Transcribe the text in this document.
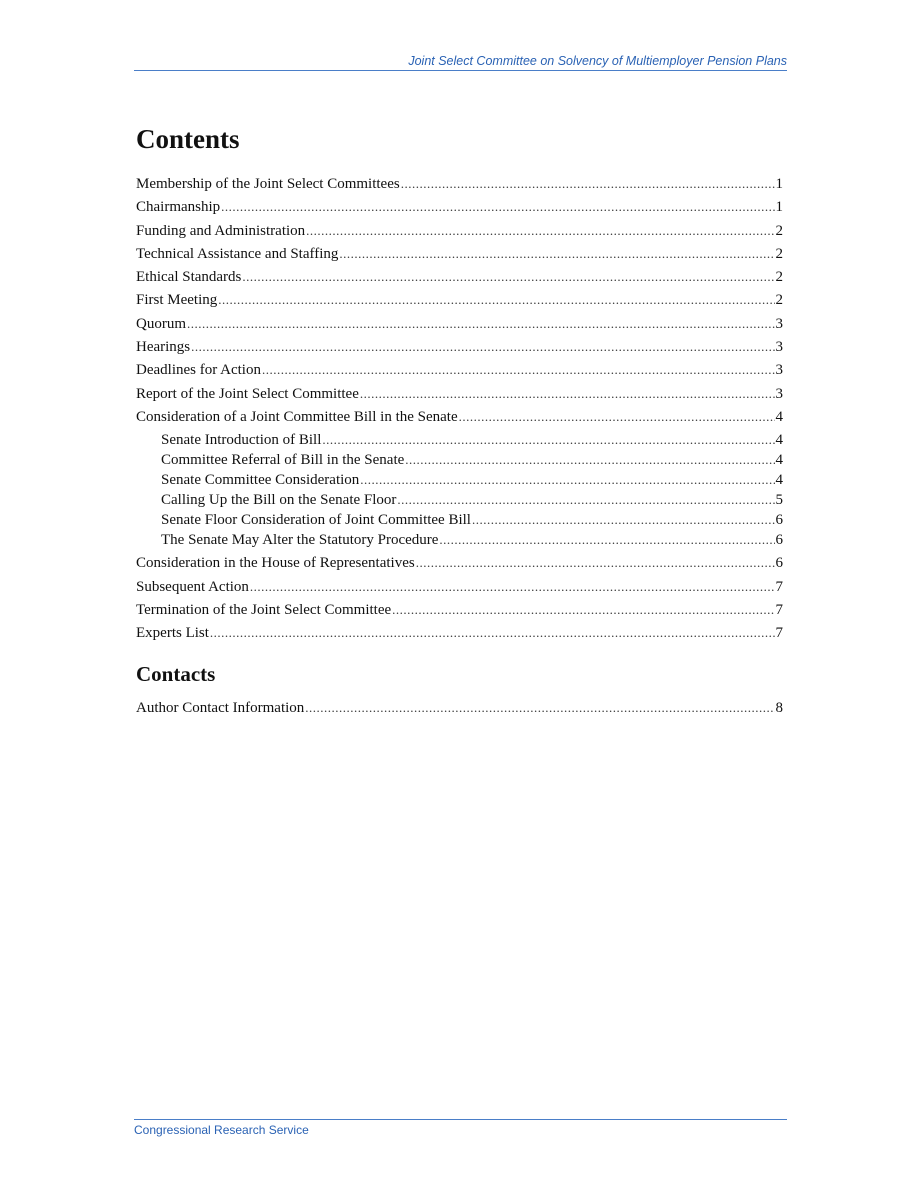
Joint Select Committee on Solvency of Multiemployer Pension Plans
Contents
Membership of the Joint Select Committees .....	1
Chairmanship .....	1
Funding and Administration .....	2
Technical Assistance and Staffing .....	2
Ethical Standards .....	2
First Meeting .....	2
Quorum .....	3
Hearings .....	3
Deadlines for Action .....	3
Report of the Joint Select Committee .....	3
Consideration of a Joint Committee Bill in the Senate .....	4
Senate Introduction of Bill .....	4
Committee Referral of Bill in the Senate .....	4
Senate Committee Consideration .....	4
Calling Up the Bill on the Senate Floor .....	5
Senate Floor Consideration of Joint Committee Bill .....	6
The Senate May Alter the Statutory Procedure .....	6
Consideration in the House of Representatives .....	6
Subsequent Action .....	7
Termination of the Joint Select Committee .....	7
Experts List .....	7
Contacts
Author Contact Information .....	8
Congressional Research Service
